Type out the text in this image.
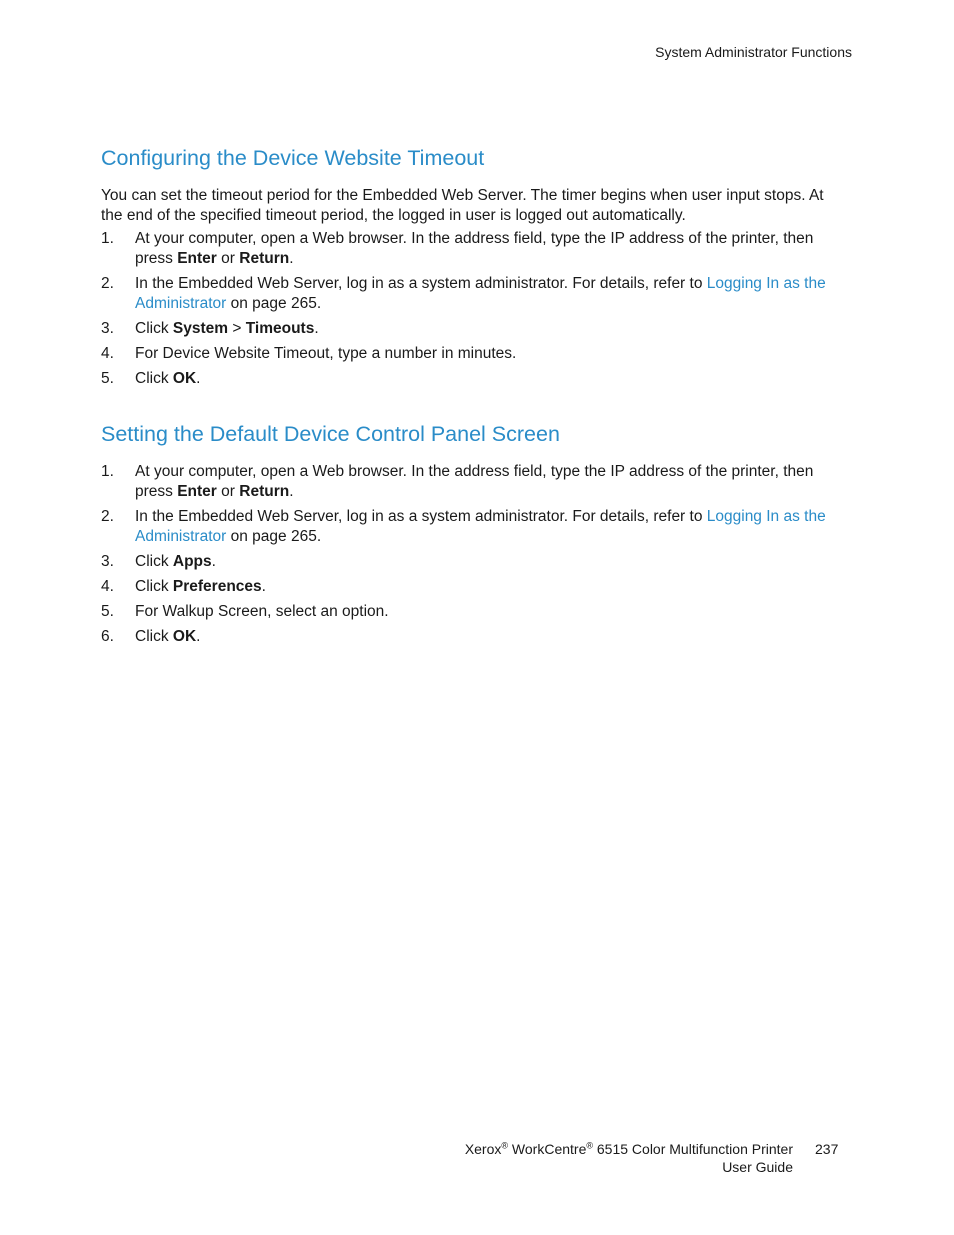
System Administrator Functions
Configuring the Device Website Timeout

You can set the timeout period for the Embedded Web Server. The timer begins when user input stops. At the end of the specified timeout period, the logged in user is logged out automatically.

1. At your computer, open a Web browser. In the address field, type the IP address of the printer, then press Enter or Return.
2. In the Embedded Web Server, log in as a system administrator. For details, refer to Logging In as the Administrator on page 265.
3. Click System > Timeouts.
4. For Device Website Timeout, type a number in minutes.
5. Click OK.
Setting the Default Device Control Panel Screen
1. At your computer, open a Web browser. In the address field, type the IP address of the printer, then press Enter or Return.
2. In the Embedded Web Server, log in as a system administrator. For details, refer to Logging In as the Administrator on page 265.
3. Click Apps.
4. Click Preferences.
5. For Walkup Screen, select an option.
6. Click OK.
Xerox® WorkCentre® 6515 Color Multifunction Printer
User Guide
237
